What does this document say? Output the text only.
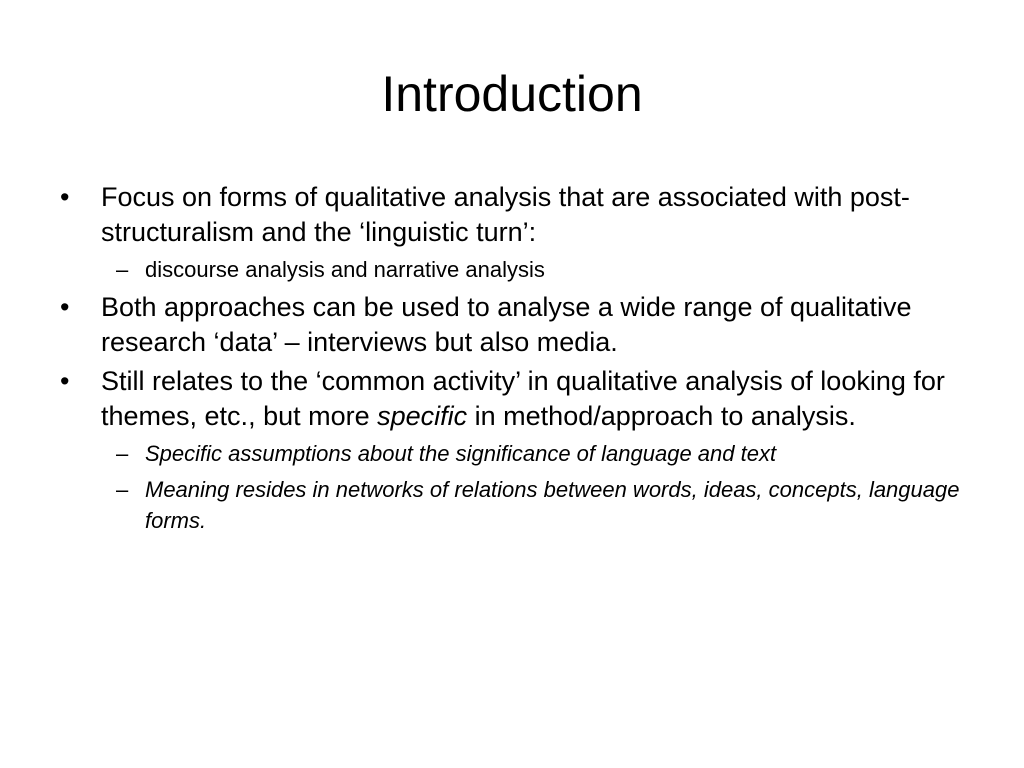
Introduction
•	Focus on forms of qualitative analysis that are associated with post-structuralism and the ‘linguistic turn’:
– discourse analysis and narrative analysis
•	Both approaches can be used to analyse a wide range of qualitative research ‘data’ – interviews but also media.
•	Still relates to the ‘common activity’ in qualitative analysis of looking for themes, etc., but more specific in method/approach to analysis.
– Specific assumptions about the significance of language and text
– Meaning resides in networks of relations between words, ideas, concepts, language forms.
